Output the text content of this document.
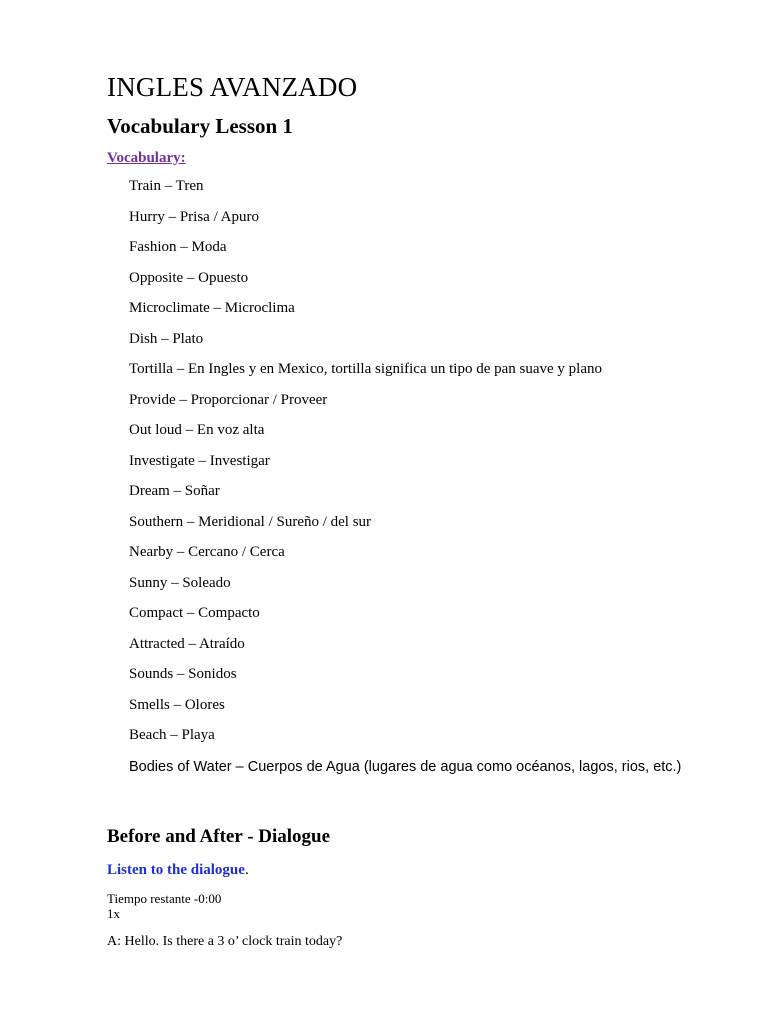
INGLES AVANZADO
Vocabulary Lesson 1
Vocabulary:
Train – Tren
Hurry – Prisa / Apuro
Fashion – Moda
Opposite – Opuesto
Microclimate – Microclima
Dish – Plato
Tortilla – En Ingles y en Mexico, tortilla significa un tipo de pan suave y plano
Provide – Proporcionar / Proveer
Out loud – En voz alta
Investigate – Investigar
Dream – Soñar
Southern – Meridional / Sureño / del sur
Nearby – Cercano / Cerca
Sunny – Soleado
Compact – Compacto
Attracted – Atraído
Sounds – Sonidos
Smells – Olores
Beach – Playa
Bodies of Water – Cuerpos de Agua (lugares de agua como océanos, lagos, rios, etc.)
Before and After - Dialogue
Listen to the dialogue.
Tiempo restante -0:00
1x
A: Hello. Is there a 3 o’ clock train today?
